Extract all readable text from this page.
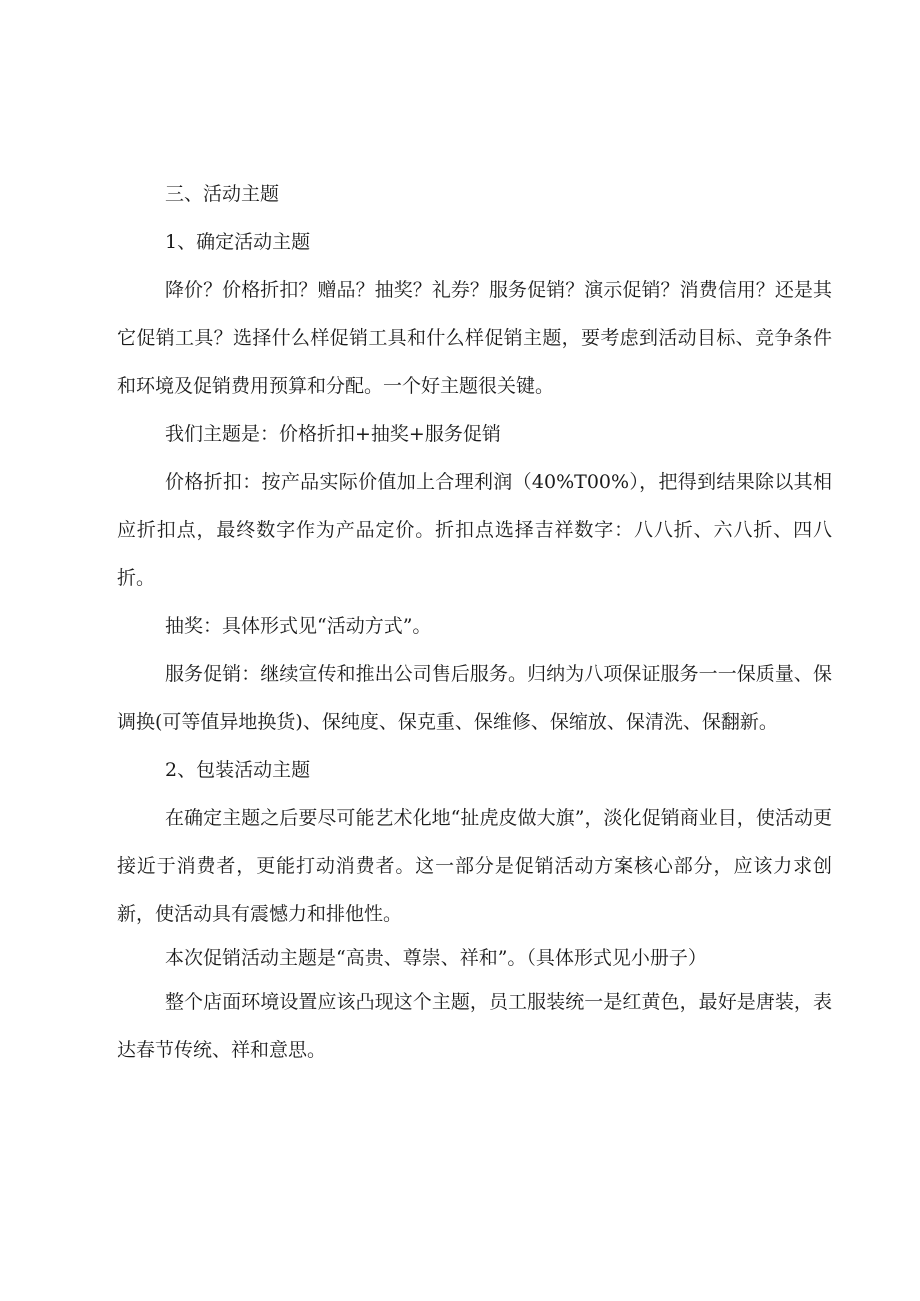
三、活动主题

1、确定活动主题

降价？价格折扣？赠品？抽奖？礼券？服务促销？演示促销？消费信用？还是其它促销工具？选择什么样促销工具和什么样促销主题，要考虑到活动目标、竞争条件和环境及促销费用预算和分配。一个好主题很关键。

我们主题是：价格折扣+抽奖+服务促销

价格折扣：按产品实际价值加上合理利润（40%T00%），把得到结果除以其相应折扣点，最终数字作为产品定价。折扣点选择吉祥数字：八八折、六八折、四八折。

抽奖：具体形式见“活动方式”。

服务促销：继续宣传和推出公司售后服务。归纳为八项保证服务一一保质量、保调换(可等值异地换货)、保纯度、保克重、保维修、保缩放、保清洗、保翻新。

2、包装活动主题

在确定主题之后要尽可能艺术化地“扯虎皮做大旗”，淡化促销商业目，使活动更接近于消费者，更能打动消费者。这一部分是促销活动方案核心部分，应该力求创新，使活动具有震憾力和排他性。

本次促销活动主题是“高贵、尊崇、祥和”。（具体形式见小册子）

整个店面环境设置应该凸现这个主题，员工服装统一是红黄色，最好是唐装，表达春节传统、祥和意思。
